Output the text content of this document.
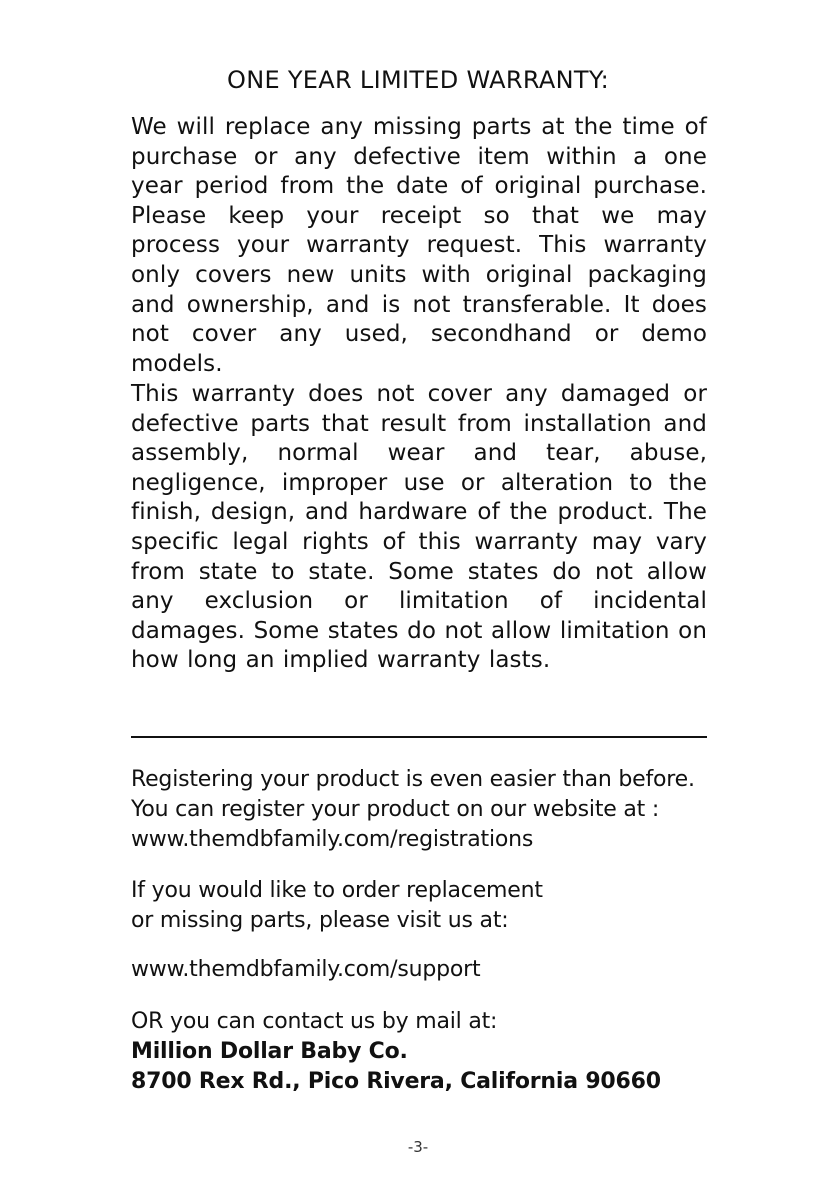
ONE YEAR LIMITED WARRANTY:

We will replace any missing parts at the time of purchase or any defective item within a one year period from the date of original purchase. Please keep your receipt so that we may process your warranty request. This warranty only covers new units with original packaging and ownership, and is not transferable. It does not cover any used, secondhand or demo models.

This warranty does not cover any damaged or defective parts that result from installation and assembly, normal wear and tear, abuse, negligence, improper use or alteration to the finish, design, and hardware of the product. The specific legal rights of this warranty may vary from state to state. Some states do not allow any exclusion or limitation of incidental damages. Some states do not allow limitation on how long an implied warranty lasts.

Registering your product is even easier than before.
You can register your product on our website at :
www.themdbfamily.com/registrations
If you would like to order replacement
or missing parts, please visit us at:
www.themdbfamily.com/support
OR you can contact us by mail at:
Million Dollar Baby Co.
8700 Rex Rd., Pico Rivera, California 90660
-3-
